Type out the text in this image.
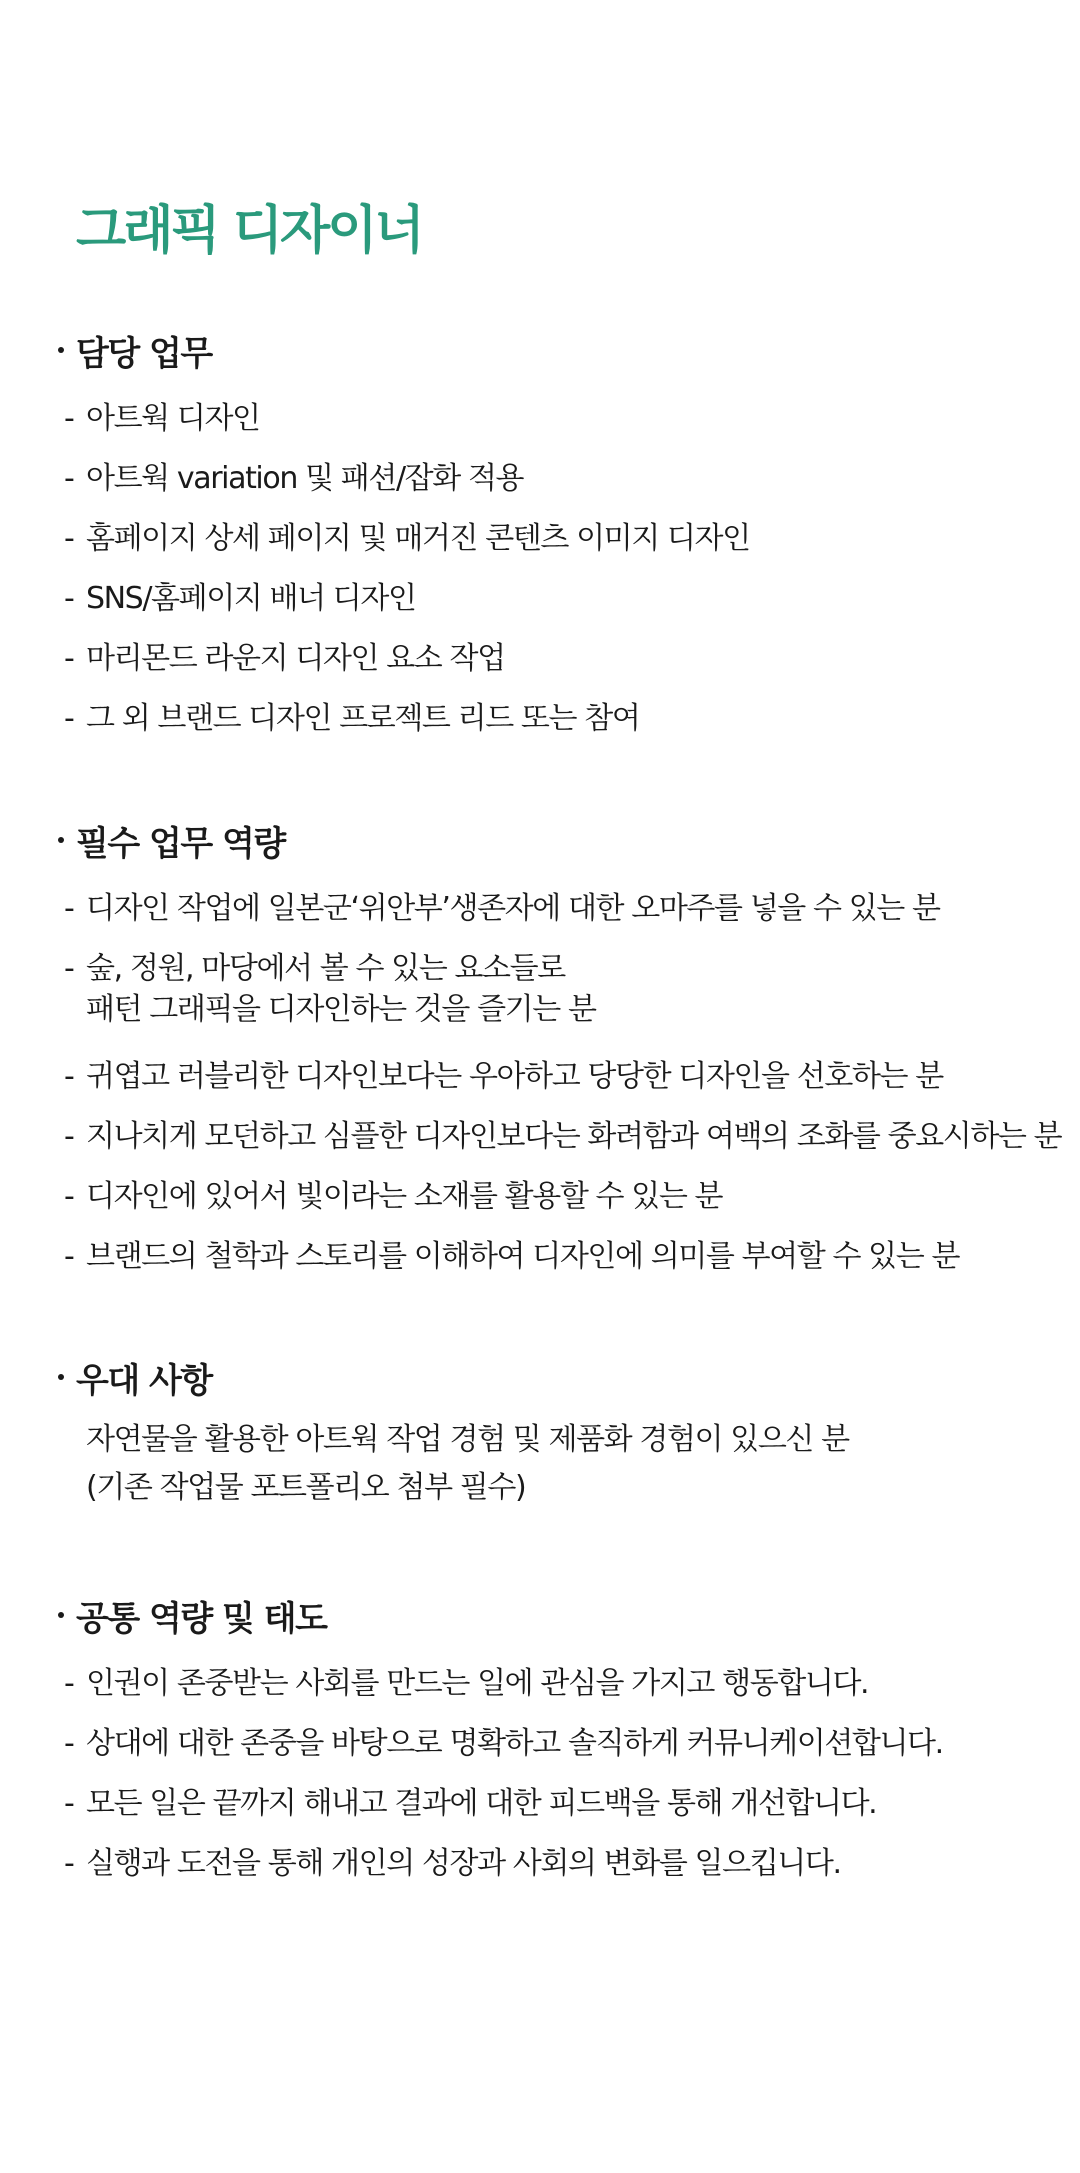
그래픽 디자이너
담당 업무
- 아트웍 디자인
- 아트웍 variation 및 패션/잡화 적용
- 홈페이지 상세 페이지 및 매거진 콘텐츠 이미지 디자인
- SNS/홈페이지 배너 디자인
- 마리몬드 라운지 디자인 요소 작업
- 그 외 브랜드 디자인 프로젝트 리드 또는 참여
필수 업무 역량
- 디자인 작업에 일본군‘위안부’생존자에 대한 오마주를 넣을 수 있는 분
- 숲, 정원, 마당에서 볼 수 있는 요소들로
패턴 그래픽을 디자인하는 것을 즐기는 분
- 귀엽고 러블리한 디자인보다는 우아하고 당당한 디자인을 선호하는 분
- 지나치게 모던하고 심플한 디자인보다는 화려함과 여백의 조화를 중요시하는 분
- 디자인에 있어서 빛이라는 소재를 활용할 수 있는 분
- 브랜드의 철학과 스토리를 이해하여 디자인에 의미를 부여할 수 있는 분
우대 사항
자연물을 활용한 아트웍 작업 경험 및 제품화 경험이 있으신 분
(기존 작업물 포트폴리오 첨부 필수)
공통 역량 및 태도
- 인권이 존중받는 사회를 만드는 일에 관심을 가지고 행동합니다.
- 상대에 대한 존중을 바탕으로 명확하고 솔직하게 커뮤니케이션합니다.
- 모든 일은 끝까지 해내고 결과에 대한 피드백을 통해 개선합니다.
- 실행과 도전을 통해 개인의 성장과 사회의 변화를 일으킵니다.
